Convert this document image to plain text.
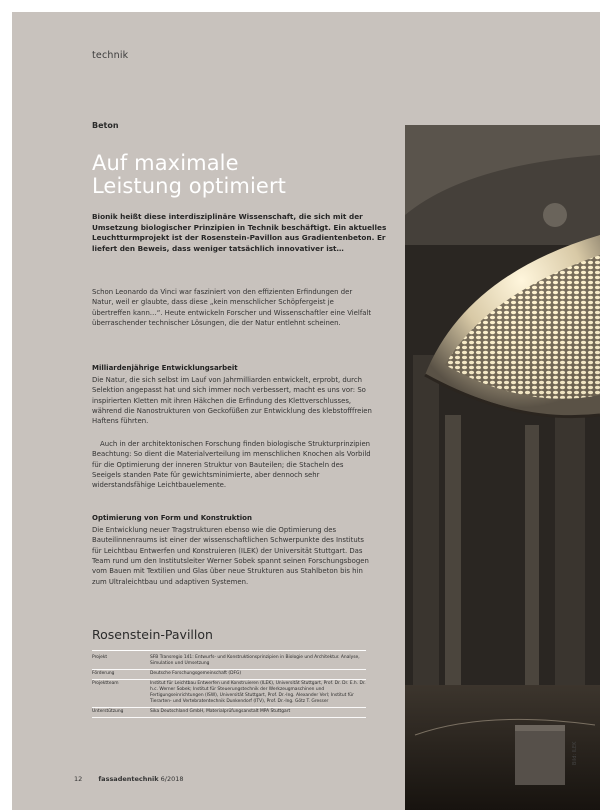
technik
Beton
Auf maximale
Leistung optimiert

Bionik heißt diese interdisziplinäre Wissenschaft, die sich mit der Umsetzung biologischer Prinzipien in Technik beschäftigt. Ein aktuelles Leuchtturmprojekt ist der Rosenstein-Pavillon aus Gradientenbeton. Er liefert den Beweis, dass weniger tatsächlich innovativer ist…

Schon Leonardo da Vinci war fasziniert von den effizienten Erfindungen der Natur, weil er glaubte, dass diese „kein menschlicher Schöpfergeist je übertreffen kann…“. Heute entwickeln Forscher und Wissenschaftler eine Vielfalt überraschender technischer Lösungen, die der Natur entlehnt scheinen.

Milliardenjährige Entwicklungsarbeit

Die Natur, die sich selbst im Lauf von Jahrmilliarden entwickelt, erprobt, durch Selektion angepasst hat und sich immer noch verbessert, macht es uns vor: So inspirierten Kletten mit ihren Häkchen die Erfindung des Klettverschlusses, während die Nanostrukturen von Geckofüßen zur Entwicklung des klebstofffreien Haftens führten.

Auch in der architektonischen Forschung finden biologische Strukturprinzipien Beachtung: So dient die Materialverteilung im menschlichen Knochen als Vorbild für die Optimierung der inneren Struktur von Bauteilen; die Stacheln des Seeigels standen Pate für gewichtsminimierte, aber dennoch sehr widerstandsfähige Leichtbauelemente.

Optimierung von Form und Konstruktion

Die Entwicklung neuer Tragstrukturen ebenso wie die Optimierung des Bauteilinnenraums ist einer der wissenschaftlichen Schwerpunkte des Instituts für Leichtbau Entwerfen und Konstruieren (ILEK) der Universität Stuttgart. Das Team rund um den Institutsleiter Werner Sobek spannt seinen Forschungsbogen vom Bauen mit Textilien und Glas über neue Strukturen aus Stahlbeton bis hin zum Ultraleichtbau und adaptiven Systemen.

Rosenstein-Pavillon
Projekt	SFB Transregio 141: Entwurfs- und Konstruktionsprinzipien in Biologie und Architektur. Analyse, Simulation und Umsetzung
Förderung	Deutsche Forschungsgemeinschaft (DFG)
Projektteam	Institut für Leichtbau Entwerfen und Konstruieren (ILEK), Universität Stuttgart, Prof. Dr. Dr. E.h. Dr. h.c. Werner Sobek; Institut für Steuerungstechnik der Werkzeugmaschinen und Fertigungseinrichtungen (ISW), Universität Stuttgart, Prof. Dr.-Ing. Alexander Verl; Institut für Tierarten- und Vertebratentechnik Dunkendorf (ITV), Prof. Dr.-Ing. Götz T. Gresser
Unterstützung	Sika Deutschland GmbH, Materialprüfungsanstalt MPA Stuttgart
12 fassadentechnik 6/2018
Bild: ILEK
